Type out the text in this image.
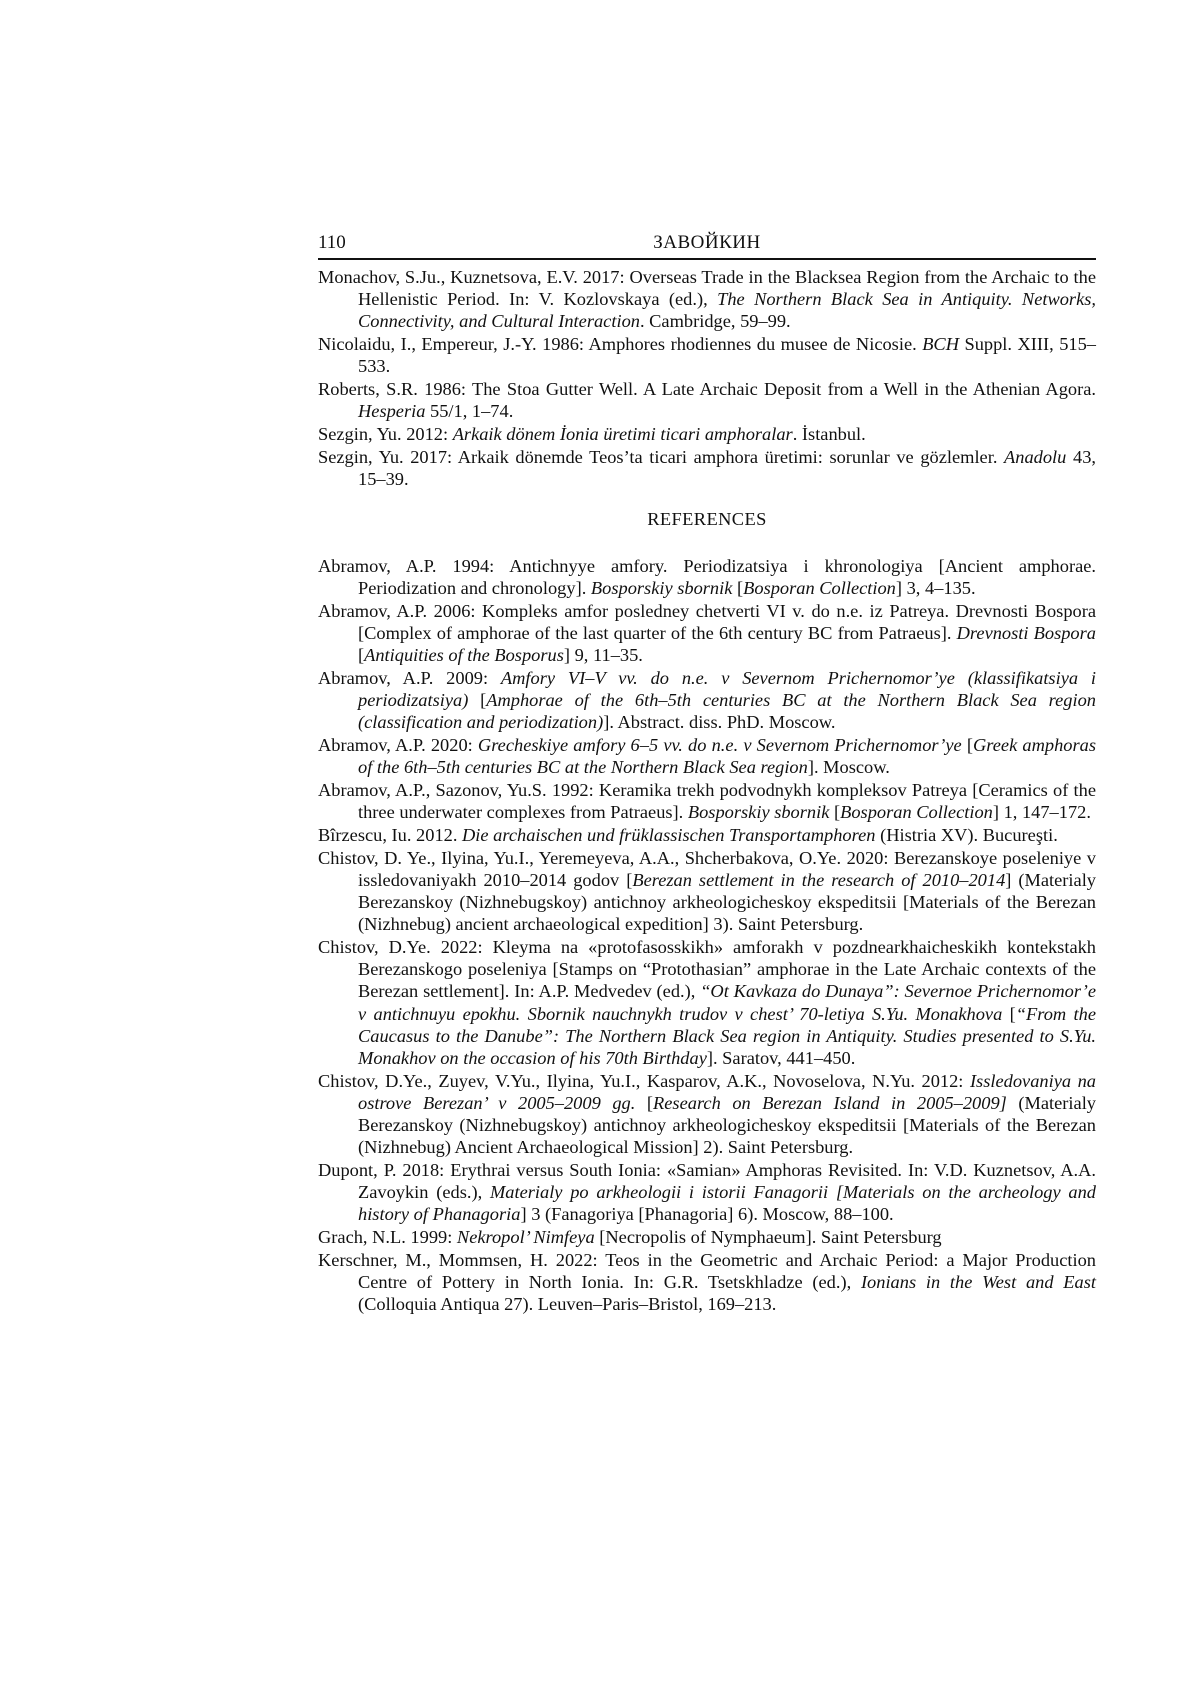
110	ЗАВОЙКИН
Monachov, S.Ju., Kuznetsova, E.V. 2017: Overseas Trade in the Blacksea Region from the Archaic to the Hellenistic Period. In: V. Kozlovskaya (ed.), The Northern Black Sea in Antiquity. Networks, Connectivity, and Cultural Interaction. Cambridge, 59–99.
Nicolaidu, I., Empereur, J.-Y. 1986: Amphores rhodiennes du musee de Nicosie. BCH Suppl. XIII, 515–533.
Roberts, S.R. 1986: The Stoa Gutter Well. A Late Archaic Deposit from a Well in the Athenian Agora. Hesperia 55/1, 1–74.
Sezgin, Yu. 2012: Arkaik dönem İonia üretimi ticari amphoralar. İstanbul.
Sezgin, Yu. 2017: Arkaik dönemde Teos’ta ticari amphora üretimi: sorunlar ve gözlemler. Anadolu 43, 15–39.
REFERENCES
Abramov, A.P. 1994: Antichnyye amfory. Periodizatsiya i khronologiya [Ancient amphorae. Periodization and chronology]. Bosporskiy sbornik [Bosporan Collection] 3, 4–135.
Abramov, A.P. 2006: Kompleks amfor posledney chetverti VI v. do n.e. iz Patreya. Drevnosti Bospora [Complex of amphorae of the last quarter of the 6th century BC from Patraeus]. Drevnosti Bospora [Antiquities of the Bosporus] 9, 11–35.
Abramov, A.P. 2009: Amfory VI–V vv. do n.e. v Severnom Prichernomor’ye (klassifikatsiya i periodizatsiya) [Amphorae of the 6th–5th centuries BC at the Northern Black Sea region (classification and periodization)]. Abstract. diss. PhD. Moscow.
Abramov, A.P. 2020: Grecheskiye amfory 6–5 vv. do n.e. v Severnom Prichernomor’ye [Greek amphoras of the 6th–5th centuries BC at the Northern Black Sea region]. Moscow.
Abramov, A.P., Sazonov, Yu.S. 1992: Keramika trekh podvodnykh kompleksov Patreya [Ceramics of the three underwater complexes from Patraeus]. Bosporskiy sbornik [Bosporan Collection] 1, 147–172.
Bîrzescu, Iu. 2012. Die archaischen und früklassischen Transportamphoren (Histria XV). Bucureşti.
Chistov, D. Ye., Ilyina, Yu.I., Yeremeyeva, A.A., Shcherbakova, O.Ye. 2020: Berezanskoye poseleniye v issledovaniyakh 2010–2014 godov [Berezan settlement in the research of 2010–2014] (Materialy Berezanskoy (Nizhnebugskoy) antichnoy arkheologicheskoy ekspeditsii [Materials of the Berezan (Nizhnebug) ancient archaeological expedition] 3). Saint Petersburg.
Chistov, D.Ye. 2022: Kleyma na «protofasosskikh» amforakh v pozdnearkhaicheskikh kontekstakh Berezanskogo poseleniya [Stamps on “Protothasian” amphorae in the Late Archaic contexts of the Berezan settlement]. In: A.P. Medvedev (ed.), “Ot Kavkaza do Dunaya”: Severnoe Prichernomor’e v antichnuyu epokhu. Sbornik nauchnykh trudov v chest’ 70-letiya S.Yu. Monakhova [“From the Caucasus to the Danube”: The Northern Black Sea region in Antiquity. Studies presented to S.Yu. Monakhov on the occasion of his 70th Birthday]. Saratov, 441–450.
Chistov, D.Ye., Zuyev, V.Yu., Ilyina, Yu.I., Kasparov, A.K., Novoselova, N.Yu. 2012: Issledovaniya na ostrove Berezan’ v 2005–2009 gg. [Research on Berezan Island in 2005–2009] (Materialy Berezanskoy (Nizhnebugskoy) antichnoy arkheologicheskoy ekspeditsii [Materials of the Berezan (Nizhnebug) Ancient Archaeological Mission] 2). Saint Petersburg.
Dupont, P. 2018: Erythrai versus South Ionia: «Samian» Amphoras Revisited. In: V.D. Kuznetsov, A.A. Zavoykin (eds.), Materialy po arkheologii i istorii Fanagorii [Materials on the archeology and history of Phanagoria] 3 (Fanagoriya [Phanagoria] 6). Moscow, 88–100.
Grach, N.L. 1999: Nekropol’ Nimfeya [Necropolis of Nymphaeum]. Saint Petersburg
Kerschner, M., Mommsen, H. 2022: Teos in the Geometric and Archaic Period: a Major Production Centre of Pottery in North Ionia. In: G.R. Tsetskhladze (ed.), Ionians in the West and East (Colloquia Antiqua 27). Leuven–Paris–Bristol, 169–213.
